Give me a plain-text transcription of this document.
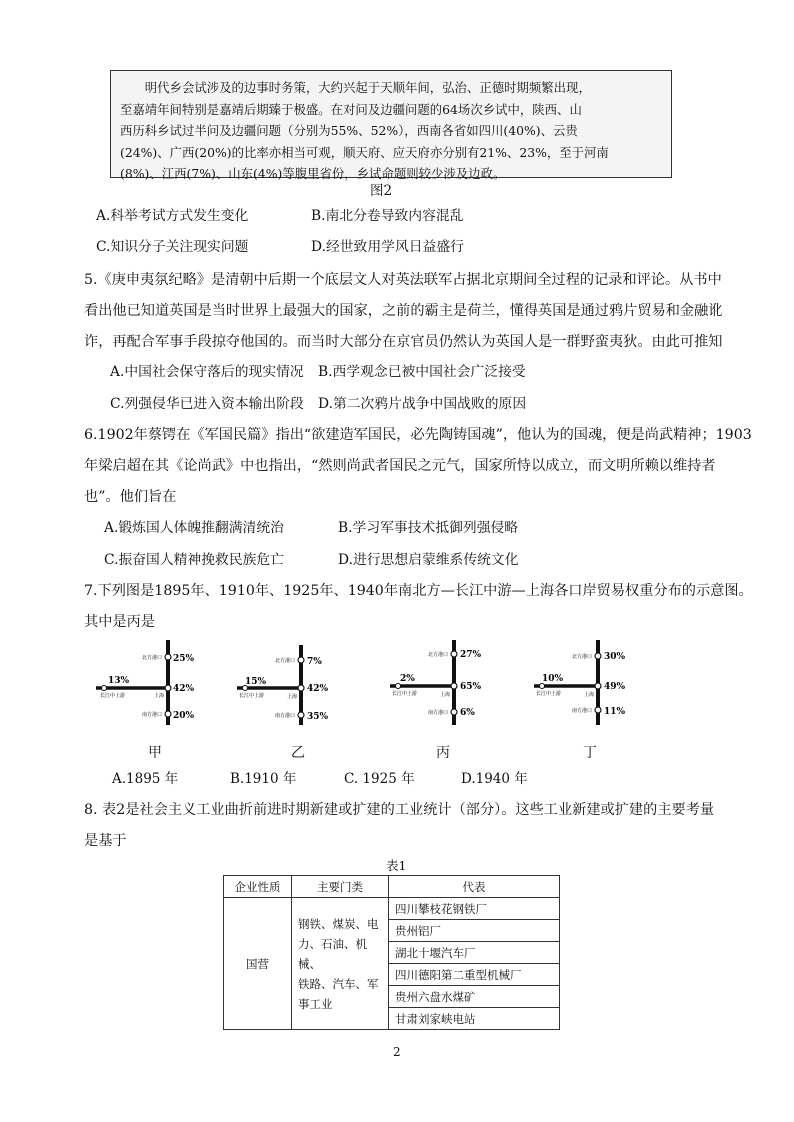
　　明代乡会试涉及的边事时务策，大约兴起于天顺年间，弘治、正德时期频繁出现，
至嘉靖年间特别是嘉靖后期臻于极盛。在对问及边疆问题的64场次乡试中，陕西、山
西历科乡试过半问及边疆问题（分别为55%、52%），西南各省如四川(40%)、云贵
(24%)、广西(20%)的比率亦相当可观，顺天府、应天府亦分别有21%、23%，至于河南
(8%)、江西(7%)、山东(4%)等腹里省份，乡试命题则较少涉及边政。
图2
A.科举考试方式发生变化	B.南北分卷导致内容混乱
C.知识分子关注现实问题	D.经世致用学风日益盛行
5.《庚申夷氛纪略》是清朝中后期一个底层文人对英法联军占据北京期间全过程的记录和评论。从书中
看出他已知道英国是当时世界上最强大的国家，之前的霸主是荷兰，懂得英国是通过鸦片贸易和金融讹
诈，再配合军事手段掠夺他国的。而当时大部分在京官员仍然认为英国人是一群野蛮夷狄。由此可推知
A.中国社会保守落后的现实情况 B.西学观念已被中国社会广泛接受
C.列强侵华已进入资本输出阶段 D.第二次鸦片战争中国战败的原因
6.1902年蔡锷在《军国民篇》指出“欲建造军国民，必先陶铸国魂”，他认为的国魂，便是尚武精神；1903
年梁启超在其《论尚武》中也指出，“然则尚武者国民之元气，国家所恃以成立，而文明所赖以维持者
也”。他们旨在
A.锻炼国人体魄推翻满清统治	B.学习军事技术抵御列强侵略
C.振奋国人精神挽救民族危亡	D.进行思想启蒙维系传统文化
7.下列图是1895年、1910年、1925年、1940年南北方—长江中游—上海各口岸贸易权重分布的示意图。
其中是丙是
北方港口 25%
13%
长江中上游
42%
上海
南方港口 20%
北方港口 7%
15%
长江中上游
42%
上海
南方港口 35%
北方港口 27%
2%
长江中上游
65%
上海
南方港口 6%
北方港口 30%
10%
长江中上游
49%
上海
南方港口 11%
甲	乙	丙	丁
A.1895 年	B.1910 年	C. 1925 年	D.1940 年
8. 表2是社会主义工业曲折前进时期新建或扩建的工业统计（部分）。这些工业新建或扩建的主要考量
是基于
表1
企业性质	主要门类	代表
国营	钢铁、煤炭、电
力、石油、机械、
铁路、汽车、军
事工业	四川攀枝花钢铁厂
		贵州铝厂
		湖北十堰汽车厂
		四川德阳第二重型机械厂
		贵州六盘水煤矿
		甘肃刘家峡电站
2
